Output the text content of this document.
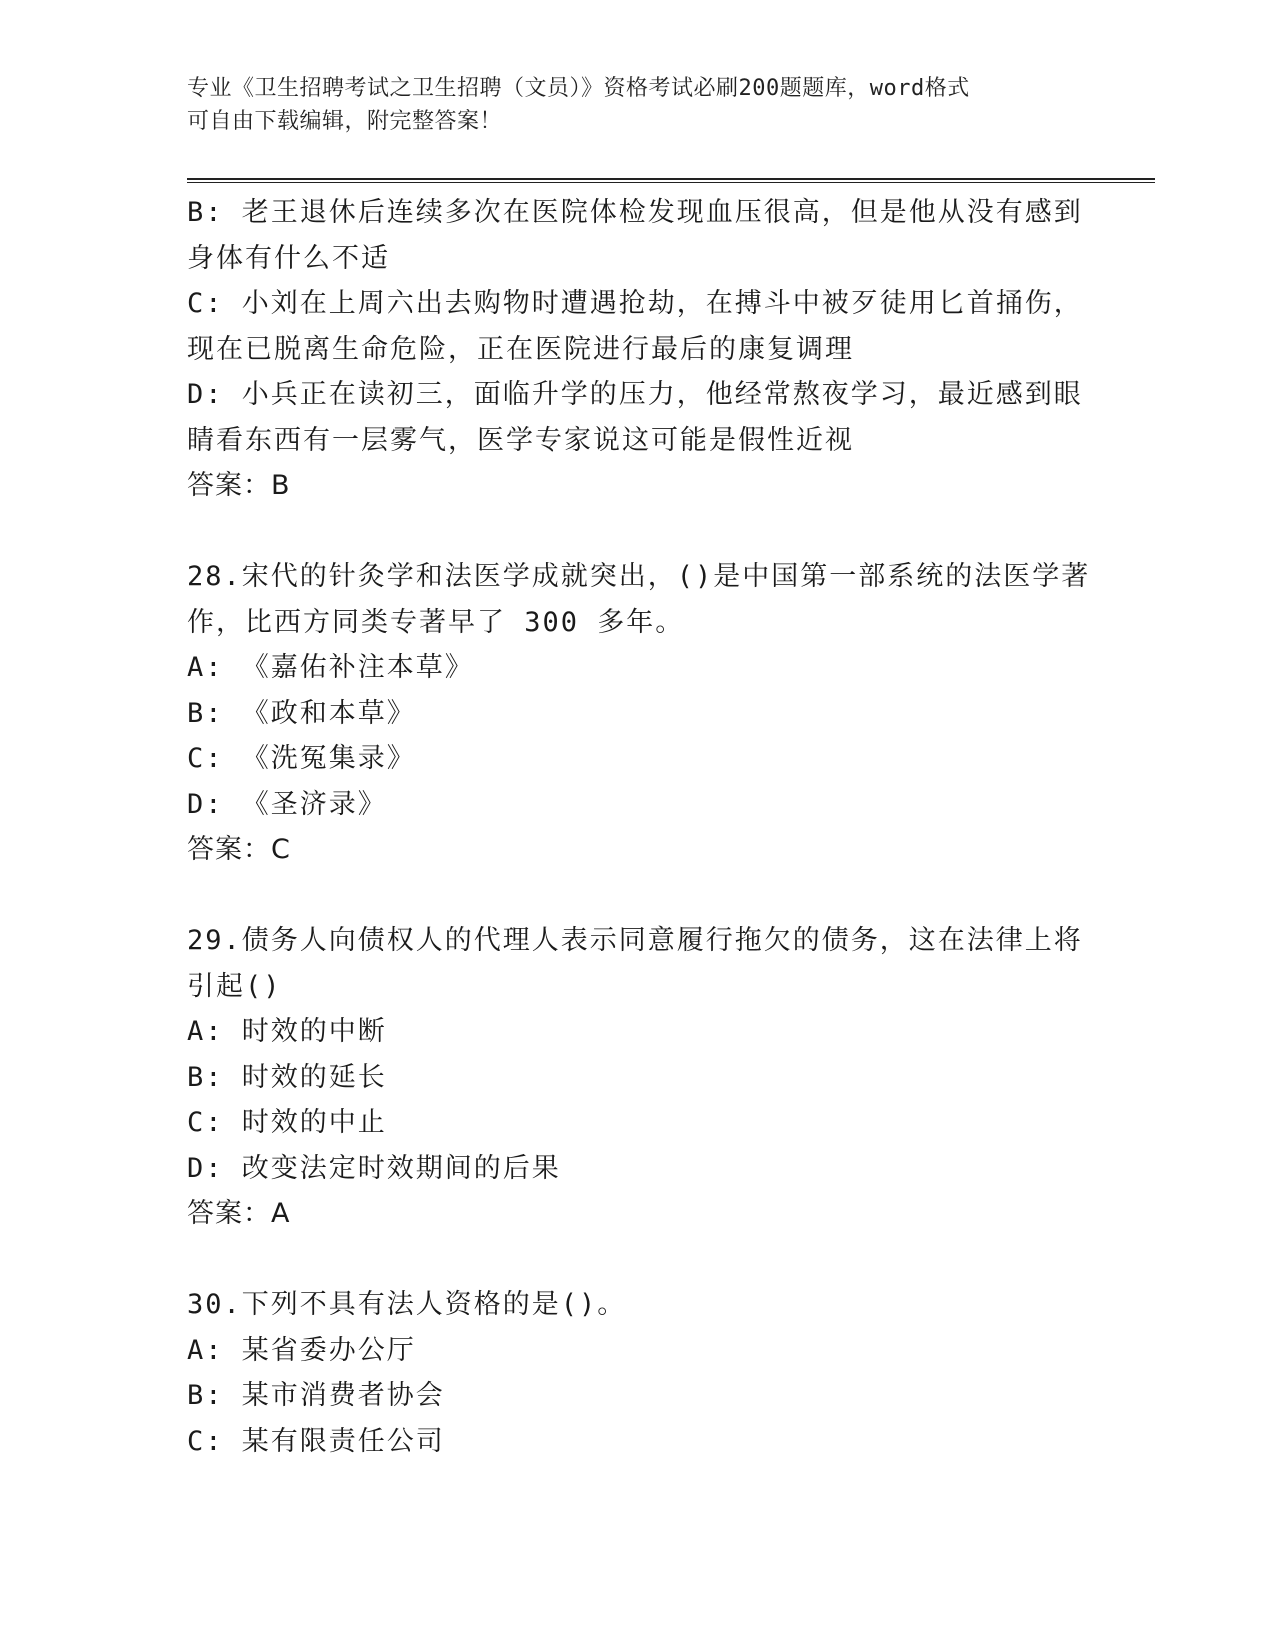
专业《卫生招聘考试之卫生招聘（文员）》资格考试必刷200题题库，word格式
可自由下载编辑，附完整答案！
B: 老王退休后连续多次在医院体检发现血压很高，但是他从没有感到
身体有什么不适
C: 小刘在上周六出去购物时遭遇抢劫，在搏斗中被歹徒用匕首捅伤，
现在已脱离生命危险，正在医院进行最后的康复调理
D: 小兵正在读初三，面临升学的压力，他经常熬夜学习，最近感到眼
睛看东西有一层雾气，医学专家说这可能是假性近视
答案：B
28.宋代的针灸学和法医学成就突出，()是中国第一部系统的法医学著
作，比西方同类专著早了 300 多年。
A: 《嘉佑补注本草》
B: 《政和本草》
C: 《洗冤集录》
D: 《圣济录》
答案：C
29.债务人向债权人的代理人表示同意履行拖欠的债务，这在法律上将
引起()
A: 时效的中断
B: 时效的延长
C: 时效的中止
D: 改变法定时效期间的后果
答案：A
30.下列不具有法人资格的是()。
A: 某省委办公厅
B: 某市消费者协会
C: 某有限责任公司
